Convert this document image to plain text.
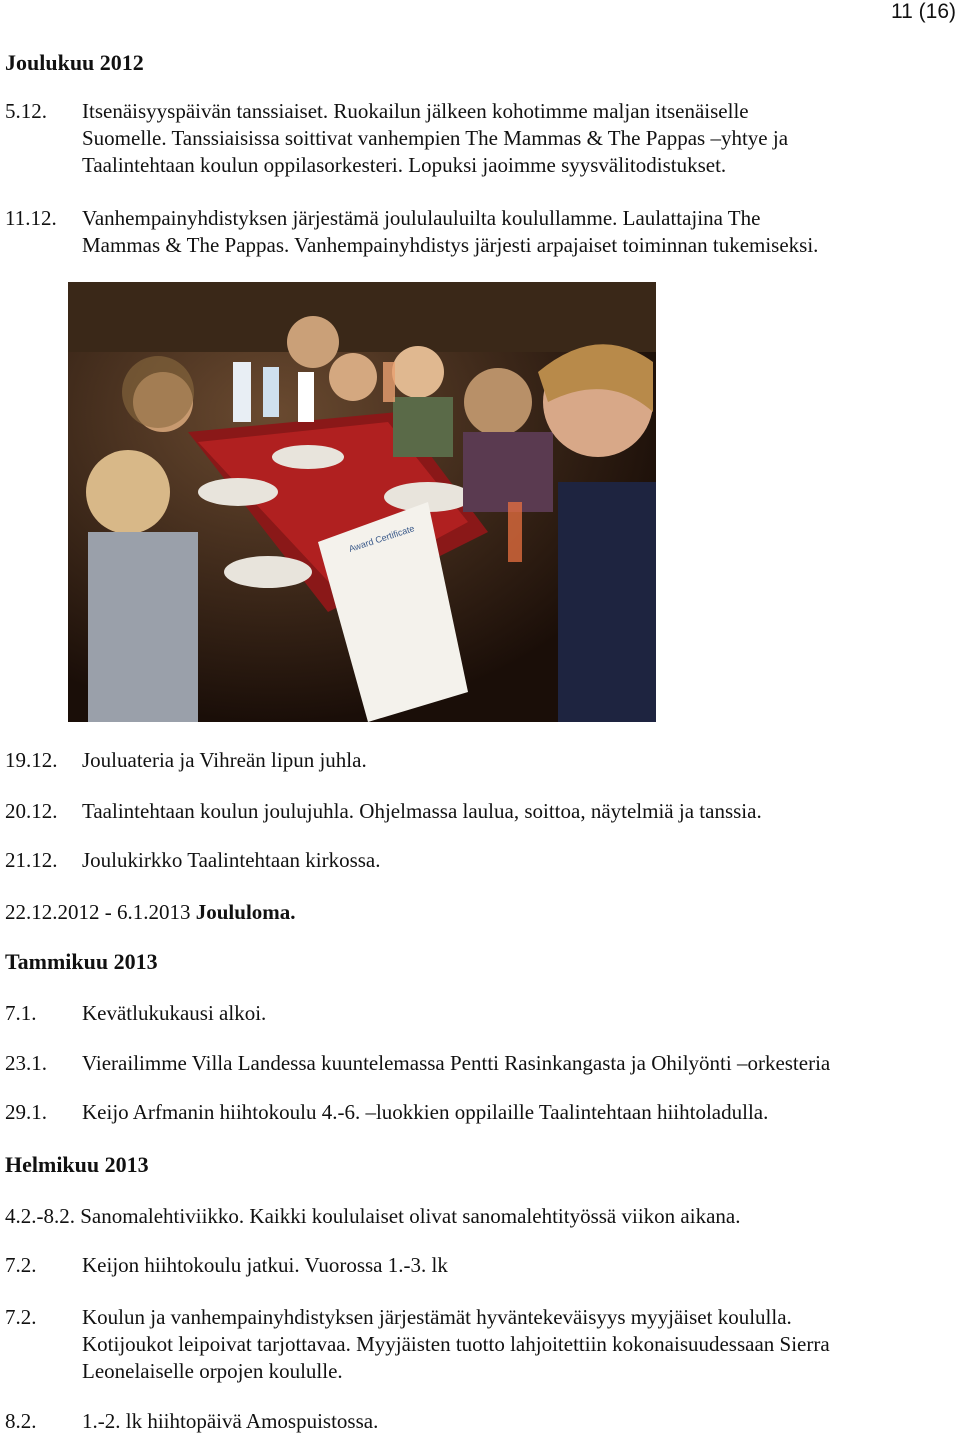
11 (16)
Joulukuu 2012
5.12. Itsenäisyyspäivän tanssiaiset. Ruokailun jälkeen kohotimme maljan itsenäiselle
Suomelle. Tanssiaisissa soittivat vanhempien The Mammas & The Pappas –yhtye ja
Taalintehtaan koulun oppilasorkesteri. Lopuksi jaoimme syysvälitodistukset.
11.12. Vanhempainyhdistyksen järjestämä joululauluilta koulullamme. Laulattajina The
Mammas & The Pappas. Vanhempainyhdistys järjesti arpajaiset toiminnan tukemiseksi.
Award Certificate
19.12. Jouluateria ja Vihreän lipun juhla.
20.12. Taalintehtaan koulun joulujuhla. Ohjelmassa laulua, soittoa, näytelmiä ja tanssia.
21.12. Joulukirkko Taalintehtaan kirkossa.
22.12.2012 - 6.1.2013 Joululoma.
Tammikuu 2013
7.1. Kevätlukukausi alkoi.
23.1. Vierailimme Villa Landessa kuuntelemassa Pentti Rasinkangasta ja Ohilyönti –orkesteria
29.1. Keijo Arfmanin hiihtokoulu 4.-6. –luokkien oppilaille Taalintehtaan hiihtoladulla.
Helmikuu 2013
4.2.-8.2. Sanomalehtiviikko. Kaikki koululaiset olivat sanomalehtityössä viikon aikana.
7.2. Keijon hiihtokoulu jatkui. Vuorossa 1.-3. lk
7.2. Koulun ja vanhempainyhdistyksen järjestämät hyväntekeväisyys myyjäiset koululla.
Kotijoukot leipoivat tarjottavaa. Myyjäisten tuotto lahjoitettiin kokonaisuudessaan Sierra
Leonelaiselle orpojen koululle.
8.2. 1.-2. lk hiihtopäivä Amospuistossa.
